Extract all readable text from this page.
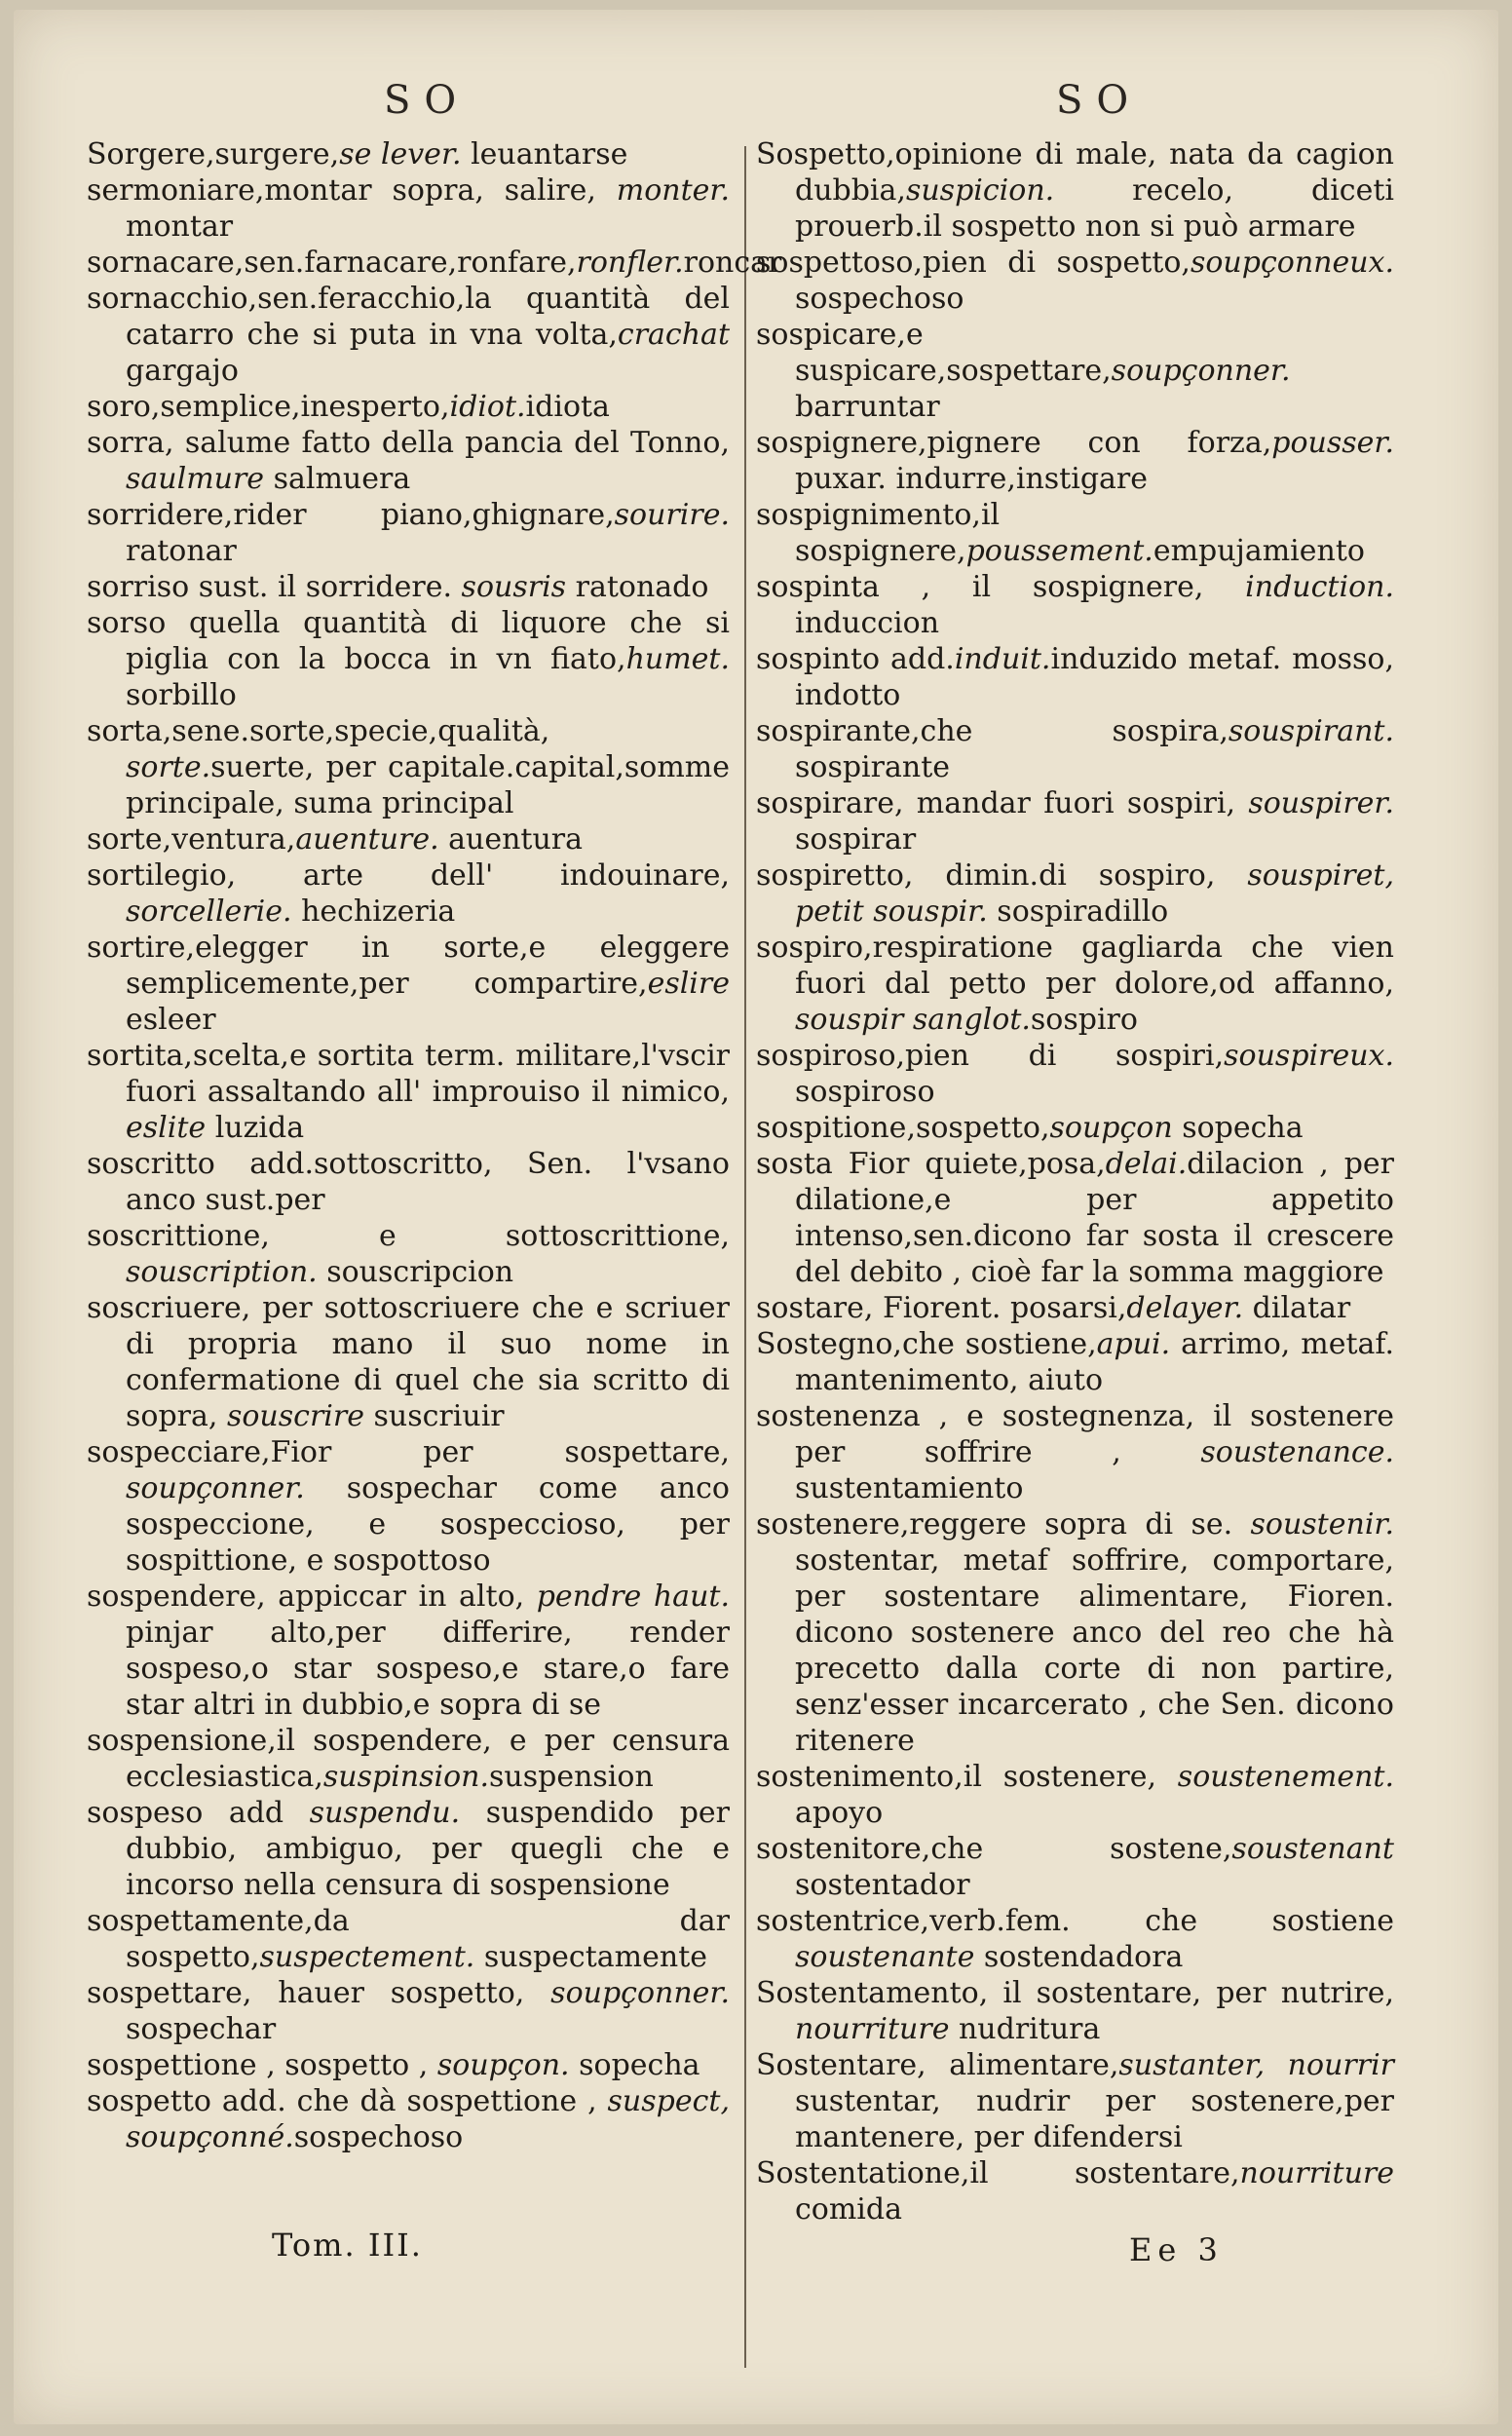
SO	SO
Sorgere,surgere,se lever. leuantarse
sermoniare,montar sopra, salire, monter. montar
sornacare,sen.farnacare,ronfare,ronfler.roncar
sornacchio,sen.feracchio,la quantità del catarro che si puta in vna volta,crachat gargajo
soro,semplice,inesperto,idiot.idiota
sorra, salume fatto della pancia del Tonno, saulmure salmuera
sorridere,rider piano,ghignare,sourire. ratonar
sorriso sust. il sorridere. sousris ratonado
sorso quella quantità di liquore che si piglia con la bocca in vn fiato,humet. sorbillo
sorta,sene.sorte,specie,qualità, sorte.suerte, per capitale.capital,somme principale, suma principal
sorte,ventura,auenture. auentura
sortilegio, arte dell' indouinare, sorcellerie. hechizeria
sortire,elegger in sorte,e eleggere semplicemente,per compartire,eslire esleer
sortita,scelta,e sortita term. militare,l'vscir fuori assaltando all' improuiso il nimico, eslite luzida
soscritto add.sottoscritto, Sen. l'vsano anco sust.per
soscrittione, e sottoscrittione, souscription. souscripcion
soscriuere, per sottoscriuere che e scriuer di propria mano il suo nome in confermatione di quel che sia scritto di sopra, souscrire suscriuir
sospecciare,Fior per sospettare, soupçonner. sospechar come anco sospeccione, e sospeccioso, per sospittione, e sospottoso
sospendere, appiccar in alto, pendre haut. pinjar alto,per differire, render sospeso,o star sospeso,e stare,o fare star altri in dubbio,e sopra di se
sospensione,il sospendere, e per censura ecclesiastica,suspinsion.suspension
sospeso add suspendu. suspendido per dubbio, ambiguo, per quegli che e incorso nella censura di sospensione
sospettamente,da dar sospetto,suspectement. suspectamente
sospettare, hauer sospetto, soupçonner. sospechar
sospettione , sospetto , soupçon. sopecha
sospetto add. che dà sospettione , suspect, soupçonné.sospechoso
Sospetto,opinione di male, nata da cagion dubbia,suspicion. recelo, diceti prouerb.il sospetto non si può armare
sospettoso,pien di sospetto,soupçonneux. sospechoso
sospicare,e suspicare,sospettare,soupçonner. barruntar
sospignere,pignere con forza,pousser. puxar. indurre,instigare
sospignimento,il sospignere,poussement.empujamiento
sospinta , il sospignere, induction. induccion
sospinto add.induit.induzido metaf. mosso, indotto
sospirante,che sospira,souspirant. sospirante
sospirare, mandar fuori sospiri, souspirer. sospirar
sospiretto, dimin.di sospiro, souspiret, petit souspir. sospiradillo
sospiro,respiratione gagliarda che vien fuori dal petto per dolore,od affanno, souspir sanglot.sospiro
sospiroso,pien di sospiri,souspireux. sospiroso
sospitione,sospetto,soupçon sopecha
sosta Fior quiete,posa,delai.dilacion , per dilatione,e per appetito intenso,sen.dicono far sosta il crescere del debito , cioè far la somma maggiore
sostare, Fiorent. posarsi,delayer. dilatar
Sostegno,che sostiene,apui. arrimo, metaf. mantenimento, aiuto
sostenenza , e sostegnenza, il sostenere per soffrire , soustenance. sustentamiento
sostenere,reggere sopra di se. soustenir. sostentar, metaf soffrire, comportare, per sostentare alimentare, Fioren. dicono sostenere anco del reo che hà precetto dalla corte di non partire, senz'esser incarcerato , che Sen. dicono ritenere
sostenimento,il sostenere, soustenement. apoyo
sostenitore,che sostene,soustenant sostentador
sostentrice,verb.fem. che sostiene soustenante sostendadora
Sostentamento, il sostentare, per nutrire, nourriture nudritura
Sostentare, alimentare,sustanter, nourrir sustentar, nudrir per sostenere,per mantenere, per difendersi
Sostentatione,il sostentare,nourriture comida
Tom. III.	Ee 3
